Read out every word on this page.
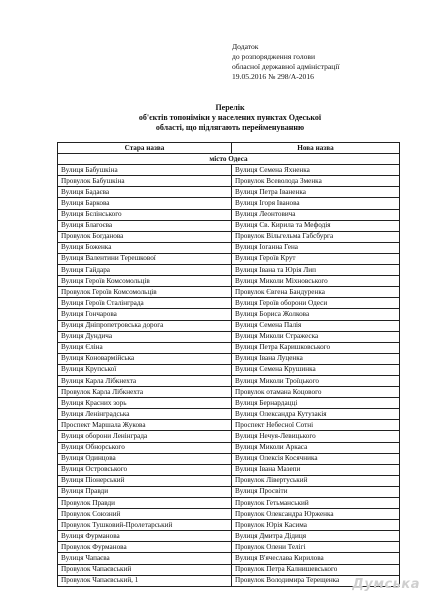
Додаток
до розпорядження голови
обласної державної адміністрації
19.05.2016 № 298/А-2016
Перелік
об'єктів топоніміки у населених пунктах Одеської
області, що підлягають перейменуванню
Стара назва	Нова назва
місто Одеса	
Вулиця Бабушкіна	Вулиця Семена Яхненка
Провулок Бабушкіна	Провулок Всеволода Зменка
Вулиця Бадаєва	Вулиця Петра Іваненка
Вулиця Баркова	Вулиця Ігоря Іванова
Вулиця Бєлінського	Вулиця Леонтовича
Вулиця Благоєва	Вулиця Св. Кирила та Мефодія
Провулок Богданова	Провулок Вільгельма Габсбурга
Вулиця Боженка	Вулиця Іоганна Гена
Вулиця Валентини Терешкової	Вулиця Героїв Крут
Вулиця Гайдара	Вулиця Івана та Юрія Лип
Вулиця Героїв Комсомольців	Вулиця Миколи Міхновського
Провулок Героїв Комсомольців	Провулок Євгена Бандуренка
Вулиця Героїв Сталінграда	Вулиця Героїв оборони Одеси
Вулиця Гончарова	Вулиця Бориса Жолкова
Вулиця Дніпропетровська дорога	Вулиця Семена Палія
Вулиця Дундича	Вулиця Миколи Стражеска
Вулиця Єліна	Вулиця Петра Каришковського
Вулиця Коновармійська	Вулиця Івана Луценка
Вулиця Крупської	Вулиця Семена Крушинка
Вулиця Карла Лібкнехта	Вулиця Миколи Троїцького
Провулок Карла Лібкнехта	Провулок отамана Коцового
Вулиця Красних зорь	Вулиця Бернардацці
Вулиця Ленінградська	Вулиця Олександра Кутузакія
Проспект Маршала Жукова	Проспект Небесної Сотні
Вулиця оборони Ленінграда	Вулиця Нечуя-Левицького
Вулиця Обнорського	Вулиця Миколи Аркаса
Вулиця Одинцова	Вулиця Олексія Косячника
Вулиця Островського	Вулиця Івана Мазепи
Вулиця Піонерський	Провулок Лівертуський
Вулиця Правди	Вулиця Просвіти
Провулок Правди	Провулок Гетьманський
Провулок Союзний	Провулок Олександра Юрженка
Провулок Тушковий-Пролетарський	Провулок Юрія Касима
Вулиця Фурманова	Вулиця Дмитра Дідиця
Провулок Фурманова	Провулок Олени Телігі
Вулиця Чапаєва	Вулиця В'ячеслава Кирилова
Провулок Чапаєвський	Провулок Петра Калнишевського
Провулок Чапаєвський, 1	Провулок Володимира Терещенка Думська
